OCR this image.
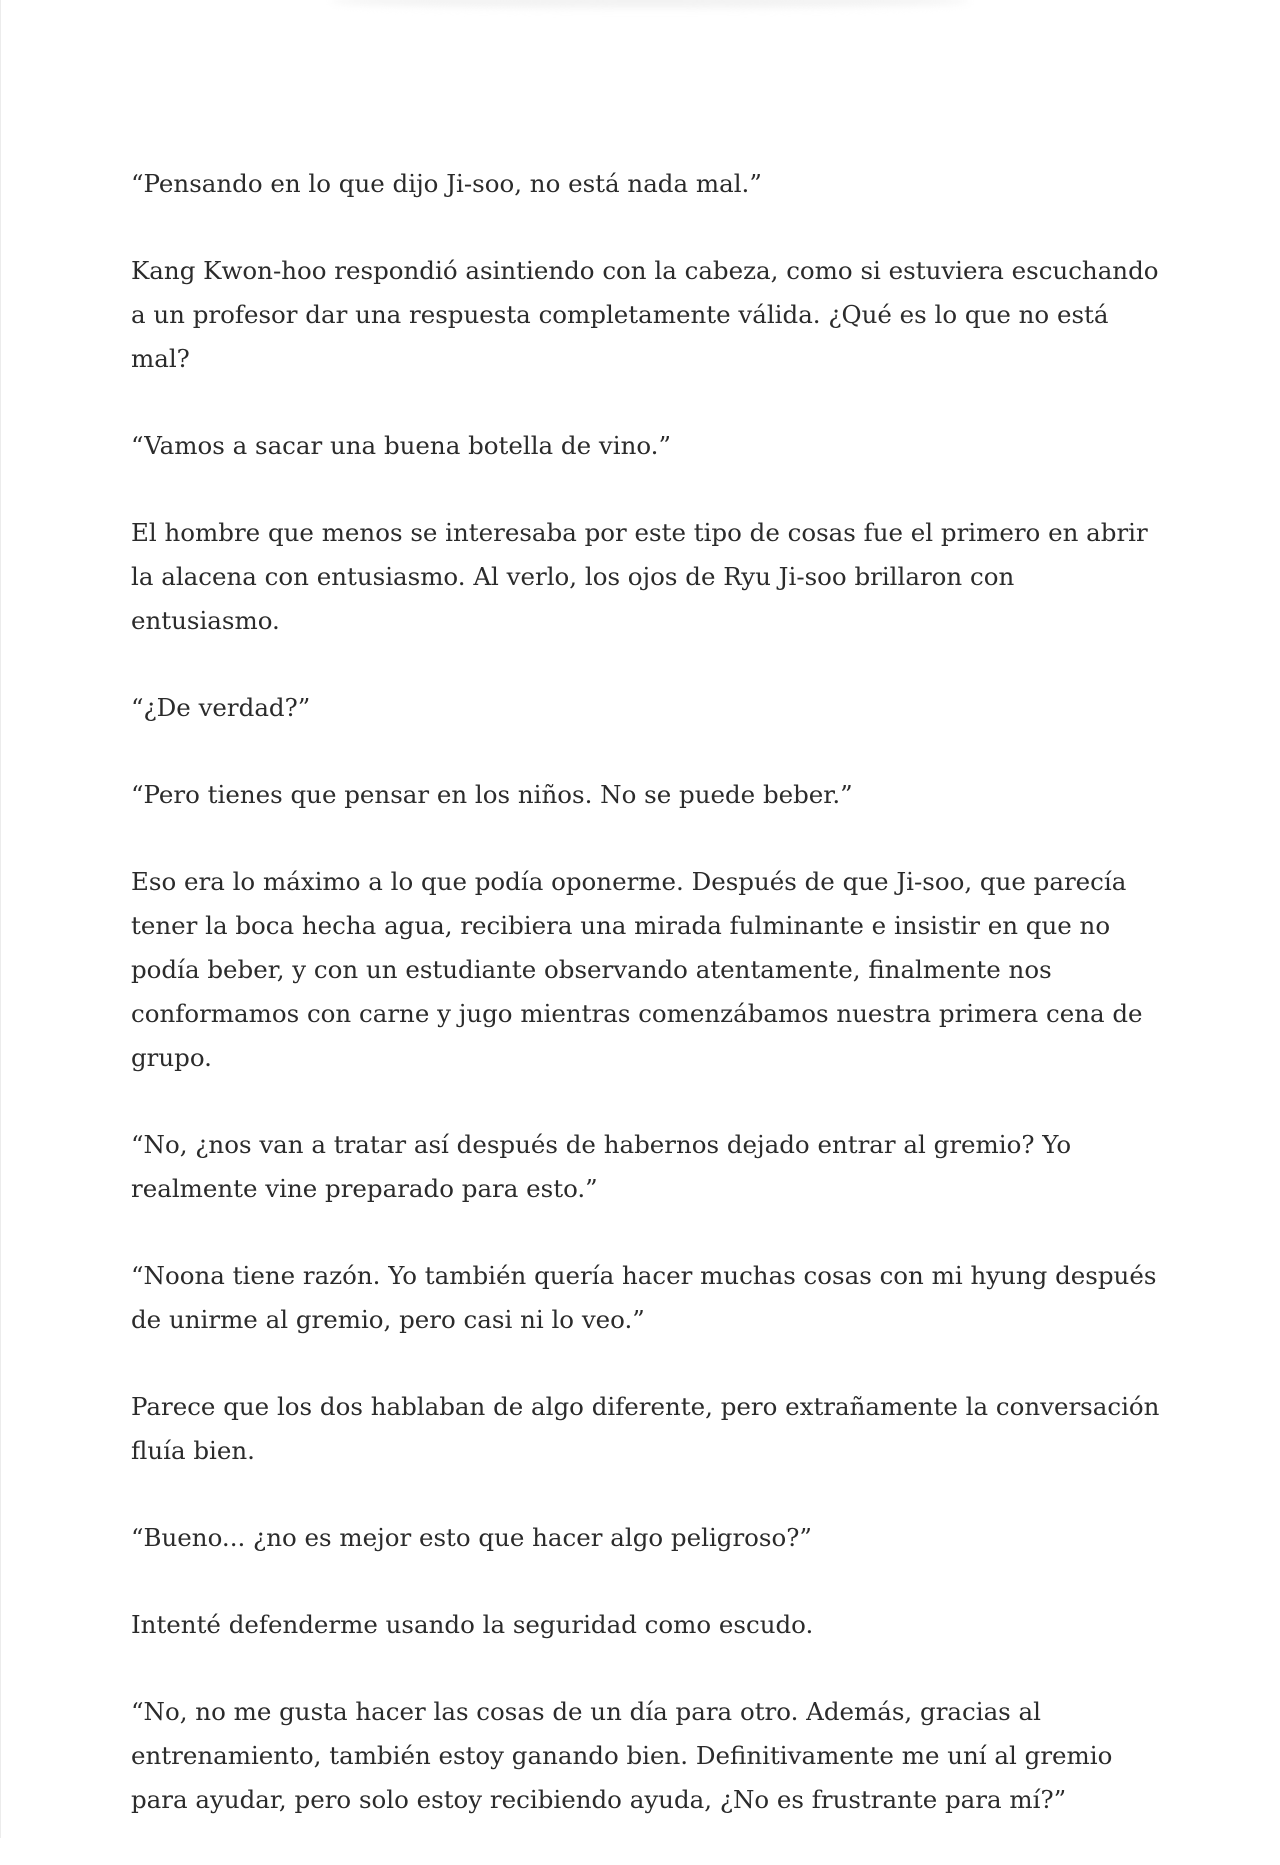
“Pensando en lo que dijo Ji-soo, no está nada mal.”

Kang Kwon-hoo respondió asintiendo con la cabeza, como si estuviera escuchando a un profesor dar una respuesta completamente válida. ¿Qué es lo que no está mal?

“Vamos a sacar una buena botella de vino.”

El hombre que menos se interesaba por este tipo de cosas fue el primero en abrir la alacena con entusiasmo. Al verlo, los ojos de Ryu Ji-soo brillaron con entusiasmo.

“¿De verdad?”

“Pero tienes que pensar en los niños. No se puede beber.”

Eso era lo máximo a lo que podía oponerme. Después de que Ji-soo, que parecía tener la boca hecha agua, recibiera una mirada fulminante e insistir en que no podía beber, y con un estudiante observando atentamente, finalmente nos conformamos con carne y jugo mientras comenzábamos nuestra primera cena de grupo.

“No, ¿nos van a tratar así después de habernos dejado entrar al gremio? Yo realmente vine preparado para esto.”

“Noona tiene razón. Yo también quería hacer muchas cosas con mi hyung después de unirme al gremio, pero casi ni lo veo.”

Parece que los dos hablaban de algo diferente, pero extrañamente la conversación fluía bien.

“Bueno... ¿no es mejor esto que hacer algo peligroso?”

Intenté defenderme usando la seguridad como escudo.

“No, no me gusta hacer las cosas de un día para otro. Además, gracias al entrenamiento, también estoy ganando bien. Definitivamente me uní al gremio para ayudar, pero solo estoy recibiendo ayuda, ¿No es frustrante para mí?”
